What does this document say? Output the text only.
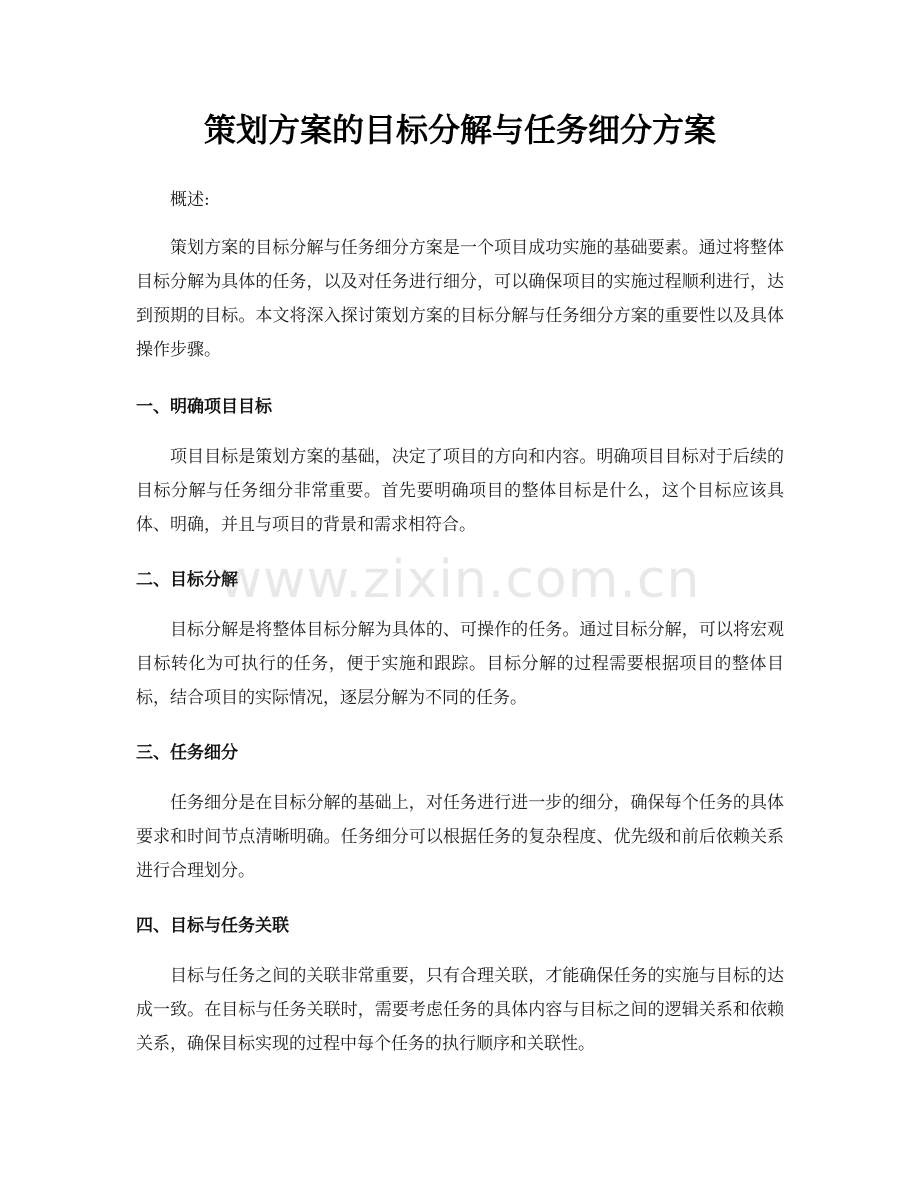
策划方案的目标分解与任务细分方案

概述:

策划方案的目标分解与任务细分方案是一个项目成功实施的基础要素。通过将整体目标分解为具体的任务，以及对任务进行细分，可以确保项目的实施过程顺利进行，达到预期的目标。本文将深入探讨策划方案的目标分解与任务细分方案的重要性以及具体操作步骤。

一、明确项目目标

项目目标是策划方案的基础，决定了项目的方向和内容。明确项目目标对于后续的目标分解与任务细分非常重要。首先要明确项目的整体目标是什么，这个目标应该具体、明确，并且与项目的背景和需求相符合。

二、目标分解

目标分解是将整体目标分解为具体的、可操作的任务。通过目标分解，可以将宏观目标转化为可执行的任务，便于实施和跟踪。目标分解的过程需要根据项目的整体目标，结合项目的实际情况，逐层分解为不同的任务。

三、任务细分

任务细分是在目标分解的基础上，对任务进行进一步的细分，确保每个任务的具体要求和时间节点清晰明确。任务细分可以根据任务的复杂程度、优先级和前后依赖关系进行合理划分。

四、目标与任务关联

目标与任务之间的关联非常重要，只有合理关联，才能确保任务的实施与目标的达成一致。在目标与任务关联时，需要考虑任务的具体内容与目标之间的逻辑关系和依赖关系，确保目标实现的过程中每个任务的执行顺序和关联性。

www.zixin.com.cn
